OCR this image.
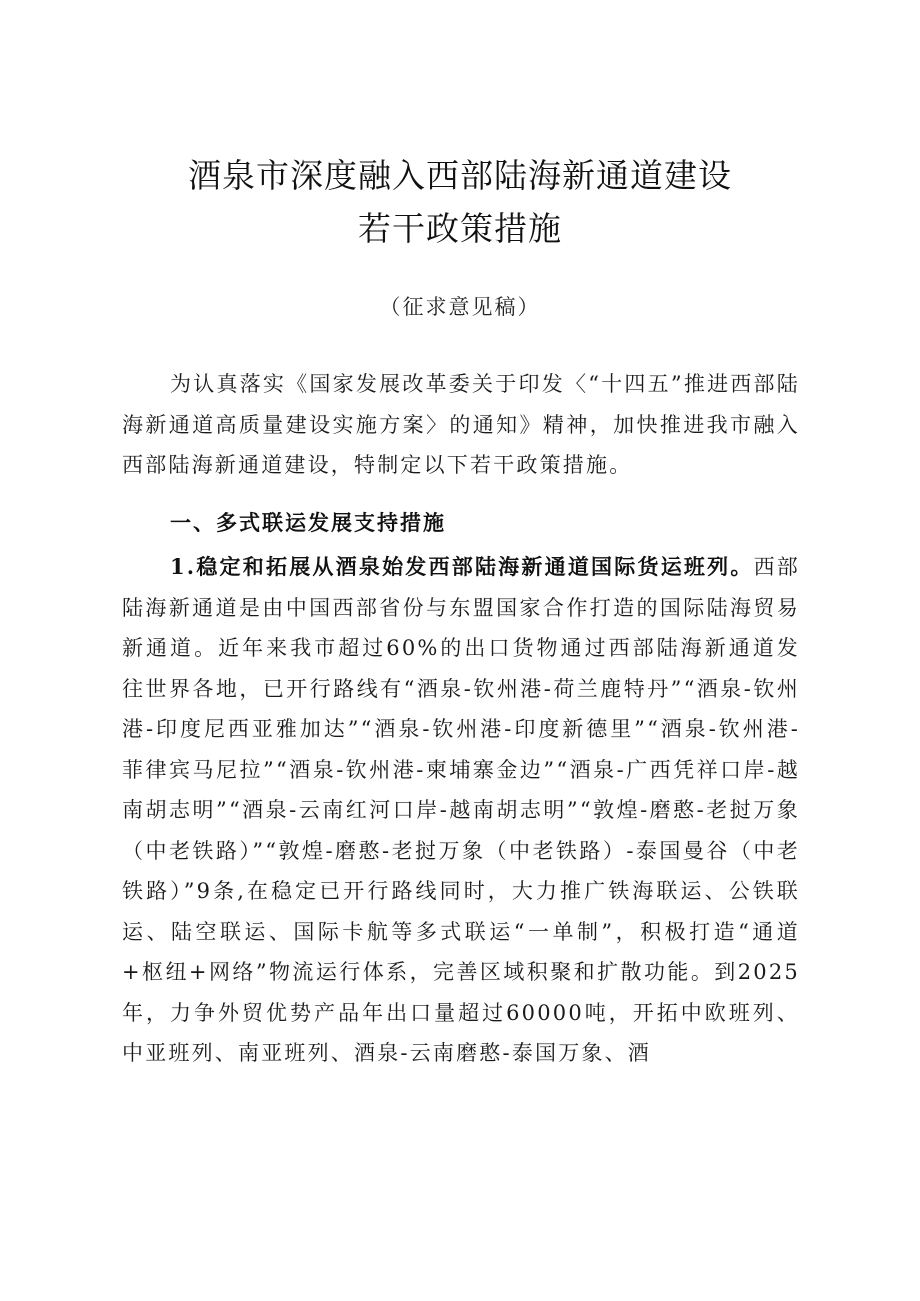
酒泉市深度融入西部陆海新通道建设
若干政策措施
（征求意见稿）
为认真落实《国家发展改革委关于印发〈“十四五”推进西部陆海新通道高质量建设实施方案〉的通知》精神，加快推进我市融入西部陆海新通道建设，特制定以下若干政策措施。
一、多式联运发展支持措施
1.稳定和拓展从酒泉始发西部陆海新通道国际货运班列。西部陆海新通道是由中国西部省份与东盟国家合作打造的国际陆海贸易新通道。近年来我市超过60%的出口货物通过西部陆海新通道发往世界各地，已开行路线有“酒泉-钦州港-荷兰鹿特丹”“酒泉-钦州港-印度尼西亚雅加达”“酒泉-钦州港-印度新德里”“酒泉-钦州港-菲律宾马尼拉”“酒泉-钦州港-柬埔寨金边”“酒泉-广西凭祥口岸-越南胡志明”“酒泉-云南红河口岸-越南胡志明”“敦煌-磨憨-老挝万象（中老铁路）”“敦煌-磨憨-老挝万象（中老铁路）-泰国曼谷（中老铁路）”9条,在稳定已开行路线同时，大力推广铁海联运、公铁联运、陆空联运、国际卡航等多式联运“一单制”，积极打造“通道+枢纽+网络”物流运行体系，完善区域积聚和扩散功能。到2025年，力争外贸优势产品年出口量超过60000吨，开拓中欧班列、中亚班列、南亚班列、酒泉-云南磨憨-泰国万象、酒
